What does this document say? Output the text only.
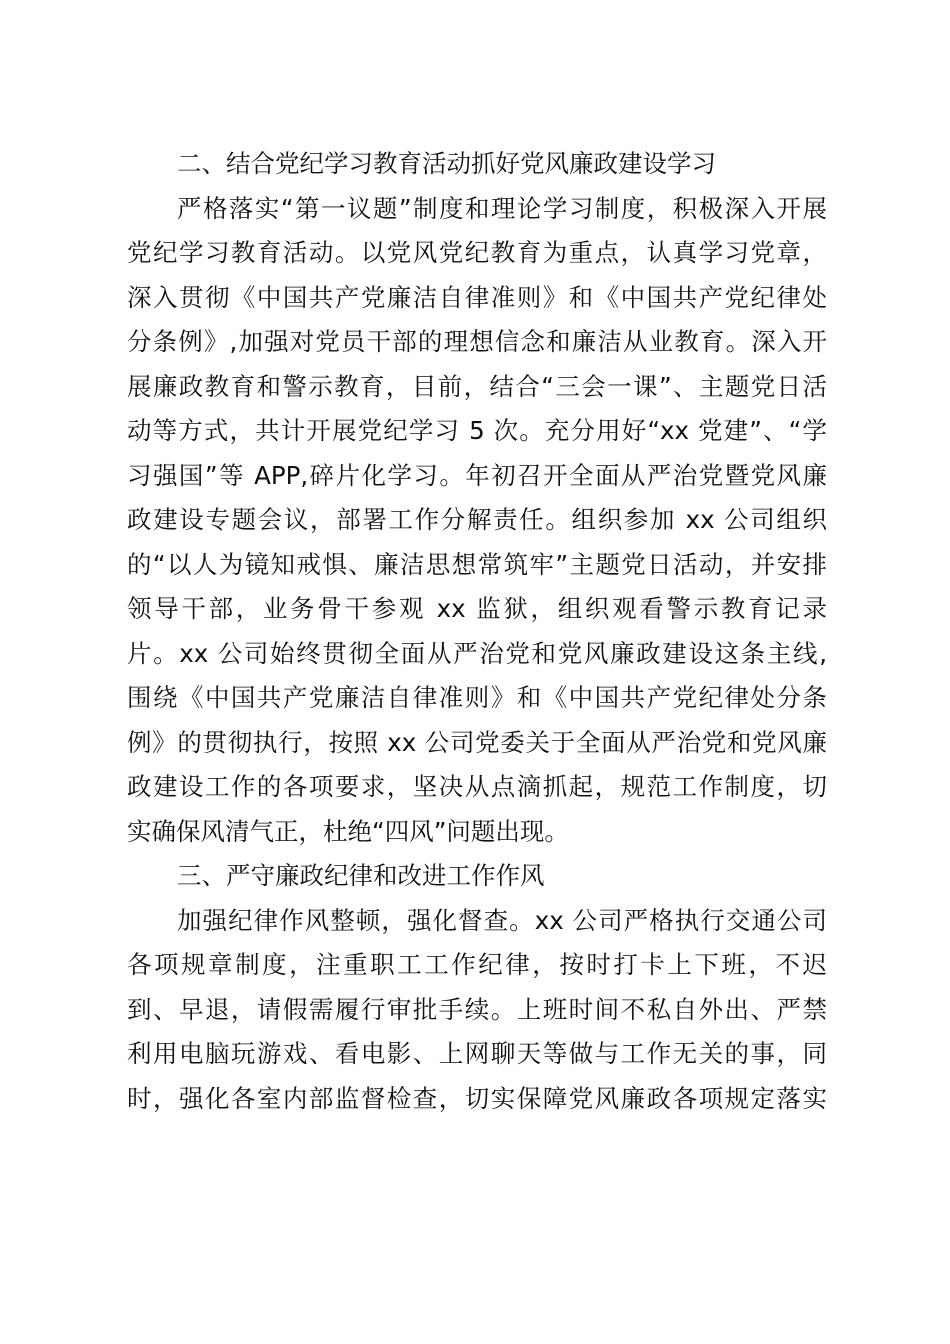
二、结合党纪学习教育活动抓好党风廉政建设学习
严格落实“第一议题”制度和理论学习制度，积极深入开展
党纪学习教育活动。以党风党纪教育为重点，认真学习党章，
深入贯彻《中国共产党廉洁自律准则》和《中国共产党纪律处
分条例》,加强对党员干部的理想信念和廉洁从业教育。深入开
展廉政教育和警示教育，目前，结合“三会一课”、主题党日活
动等方式，共计开展党纪学习 5 次。充分用好“xx 党建”、“学
习强国”等 APP,碎片化学习。年初召开全面从严治党暨党风廉
政建设专题会议，部署工作分解责任。组织参加 xx 公司组织
的“以人为镜知戒惧、廉洁思想常筑牢”主题党日活动，并安排
领导干部，业务骨干参观 xx 监狱，组织观看警示教育记录
片。xx 公司始终贯彻全面从严治党和党风廉政建设这条主线,
围绕《中国共产党廉洁自律准则》和《中国共产党纪律处分条
例》的贯彻执行，按照 xx 公司党委关于全面从严治党和党风廉
政建设工作的各项要求，坚决从点滴抓起，规范工作制度，切
实确保风清气正，杜绝“四风”问题出现。
三、严守廉政纪律和改进工作作风
加强纪律作风整顿，强化督查。xx 公司严格执行交通公司
各项规章制度，注重职工工作纪律，按时打卡上下班，不迟
到、早退，请假需履行审批手续。上班时间不私自外出、严禁
利用电脑玩游戏、看电影、上网聊天等做与工作无关的事，同
时，强化各室内部监督检查，切实保障党风廉政各项规定落实
